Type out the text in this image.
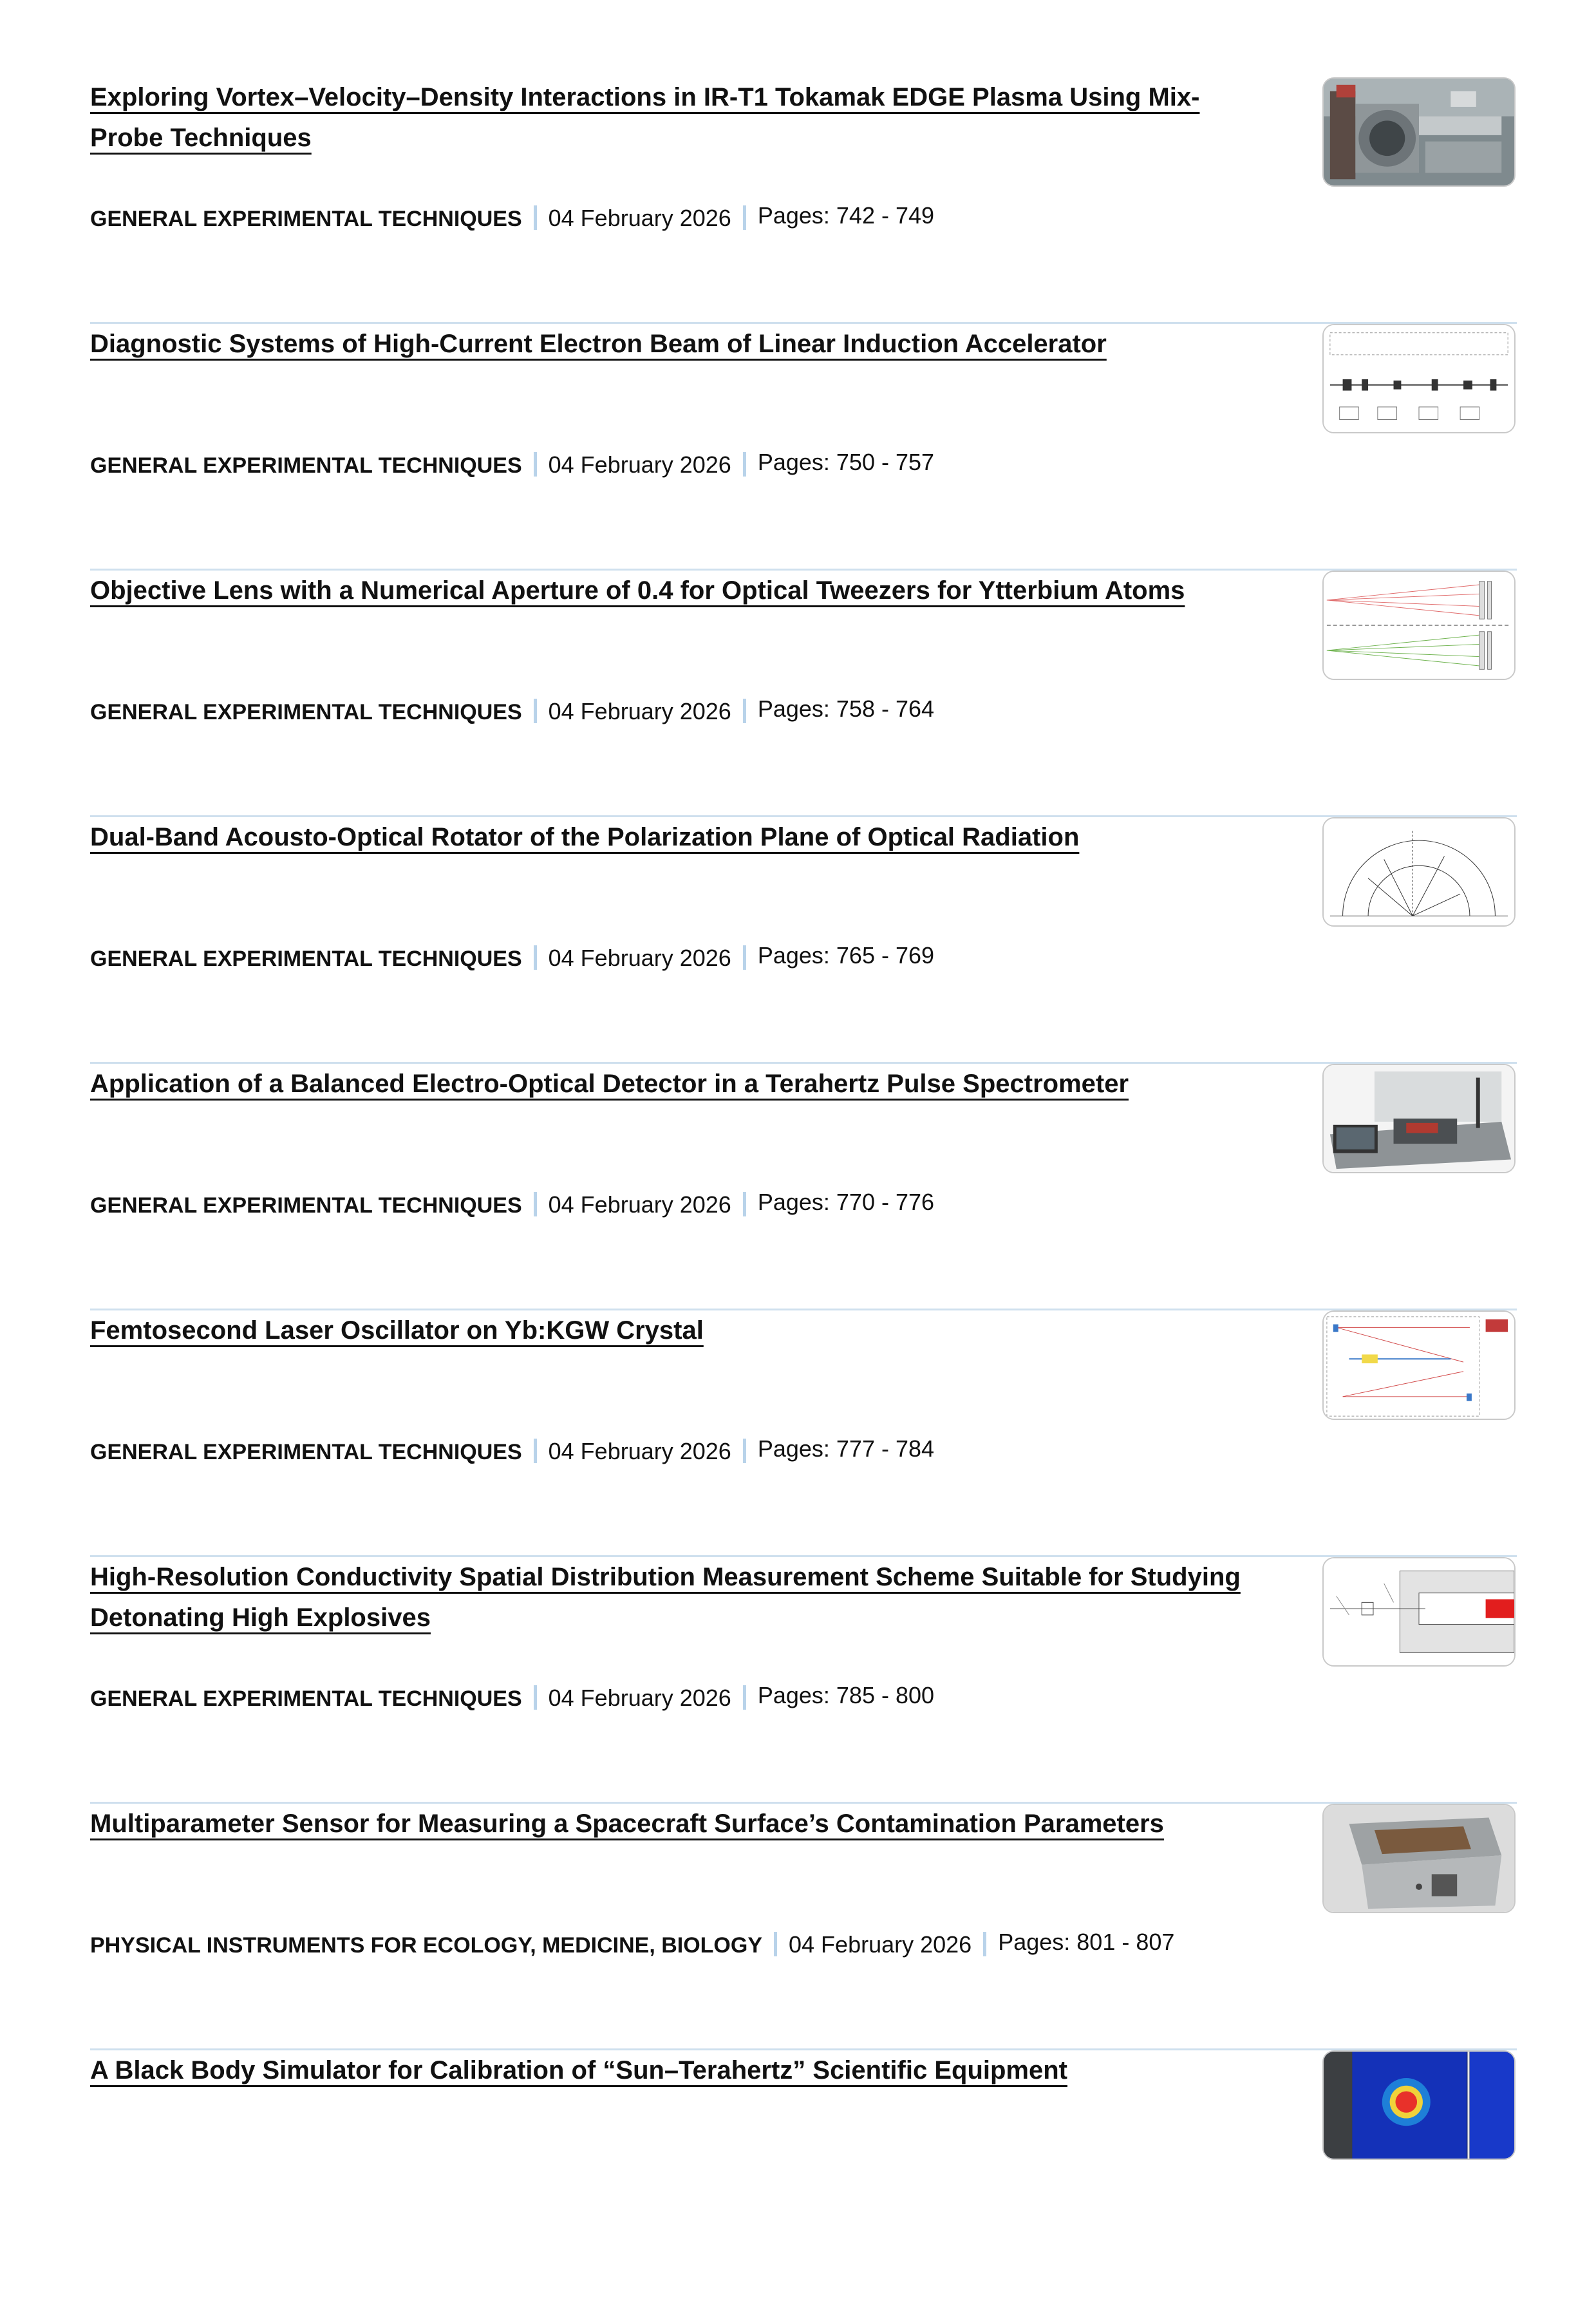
Exploring Vortex–Velocity–Density Interactions in IR-T1 Tokamak EDGE Plasma Using Mix-Probe Techniques
GENERAL EXPERIMENTAL TECHNIQUES 04 February 2026 Pages: 742 - 749
Diagnostic Systems of High-Current Electron Beam of Linear Induction Accelerator
GENERAL EXPERIMENTAL TECHNIQUES 04 February 2026 Pages: 750 - 757
Objective Lens with a Numerical Aperture of 0.4 for Optical Tweezers for Ytterbium Atoms
GENERAL EXPERIMENTAL TECHNIQUES 04 February 2026 Pages: 758 - 764
Dual-Band Acousto-Optical Rotator of the Polarization Plane of Optical Radiation
GENERAL EXPERIMENTAL TECHNIQUES 04 February 2026 Pages: 765 - 769
Application of a Balanced Electro-Optical Detector in a Terahertz Pulse Spectrometer
GENERAL EXPERIMENTAL TECHNIQUES 04 February 2026 Pages: 770 - 776
Femtosecond Laser Oscillator on Yb:KGW Crystal
GENERAL EXPERIMENTAL TECHNIQUES 04 February 2026 Pages: 777 - 784
High-Resolution Conductivity Spatial Distribution Measurement Scheme Suitable for Studying Detonating High Explosives
GENERAL EXPERIMENTAL TECHNIQUES 04 February 2026 Pages: 785 - 800
Multiparameter Sensor for Measuring a Spacecraft Surface’s Contamination Parameters
PHYSICAL INSTRUMENTS FOR ECOLOGY, MEDICINE, BIOLOGY 04 February 2026 Pages: 801 - 807
A Black Body Simulator for Calibration of “Sun–Terahertz” Scientific Equipment
